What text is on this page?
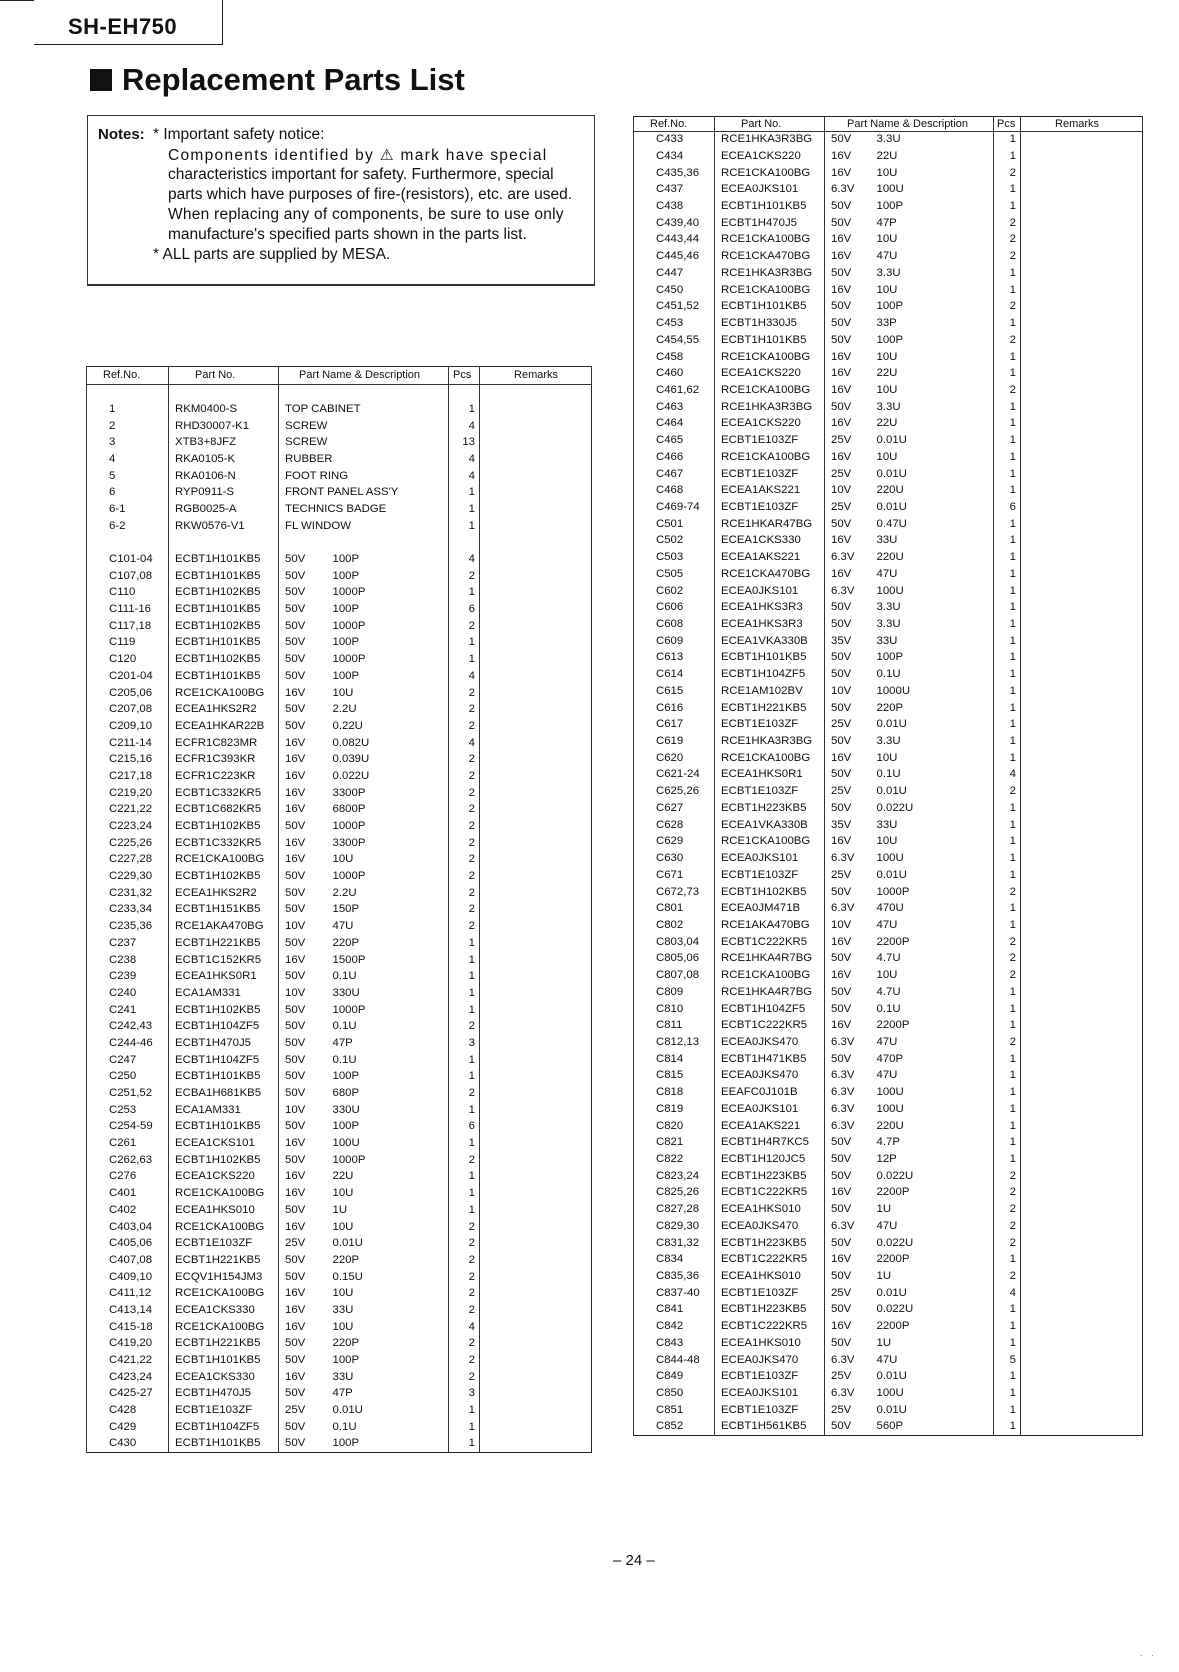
SH-EH750
Replacement Parts List
Notes: * Important safety notice:
Components identified by ⚠ mark have special
characteristics important for safety. Furthermore, special
parts which have purposes of fire-(resistors), etc. are used.
When replacing any of components, be sure to use only
manufacture's specified parts shown in the parts list.
* ALL parts are supplied by MESA.
Ref.No.	Part No.	Part Name & Description		Pcs	Remarks

1	RKM0400-S	TOP CABINET		1	
2	RHD30007-K1	SCREW		4	
3	XTB3+8JFZ	SCREW		13	
4	RKA0105-K	RUBBER		4	
5	RKA0106-N	FOOT RING		4	
6	RYP0911-S	FRONT PANEL ASS'Y		1	
6-1	RGB0025-A	TECHNICS BADGE		1	
6-2	RKW0576-V1	FL WINDOW		1	

C101-04	ECBT1H101KB5	50V	100P	4	
C107,08	ECBT1H101KB5	50V	100P	2	
C110	ECBT1H102KB5	50V	1000P	1	
C111-16	ECBT1H101KB5	50V	100P	6	
C117,18	ECBT1H102KB5	50V	1000P	2	
C119	ECBT1H101KB5	50V	100P	1	
C120	ECBT1H102KB5	50V	1000P	1	
C201-04	ECBT1H101KB5	50V	100P	4	
C205,06	RCE1CKA100BG	16V	10U	2	
C207,08	ECEA1HKS2R2	50V	2.2U	2	
C209,10	ECEA1HKAR22B	50V	0.22U	2	
C211-14	ECFR1C823MR	16V	0.082U	4	
C215,16	ECFR1C393KR	16V	0.039U	2	
C217,18	ECFR1C223KR	16V	0.022U	2	
C219,20	ECBT1C332KR5	16V	3300P	2	
C221,22	ECBT1C682KR5	16V	6800P	2	
C223,24	ECBT1H102KB5	50V	1000P	2	
C225,26	ECBT1C332KR5	16V	3300P	2	
C227,28	RCE1CKA100BG	16V	10U	2	
C229,30	ECBT1H102KB5	50V	1000P	2	
C231,32	ECEA1HKS2R2	50V	2.2U	2	
C233,34	ECBT1H151KB5	50V	150P	2	
C235,36	RCE1AKA470BG	10V	47U	2	
C237	ECBT1H221KB5	50V	220P	1	
C238	ECBT1C152KR5	16V	1500P	1	
C239	ECEA1HKS0R1	50V	0.1U	1	
C240	ECA1AM331	10V	330U	1	
C241	ECBT1H102KB5	50V	1000P	1	
C242,43	ECBT1H104ZF5	50V	0.1U	2	
C244-46	ECBT1H470J5	50V	47P	3	
C247	ECBT1H104ZF5	50V	0.1U	1	
C250	ECBT1H101KB5	50V	100P	1	
C251,52	ECBA1H681KB5	50V	680P	2	
C253	ECA1AM331	10V	330U	1	
C254-59	ECBT1H101KB5	50V	100P	6	
C261	ECEA1CKS101	16V	100U	1	
C262,63	ECBT1H102KB5	50V	1000P	2	
C276	ECEA1CKS220	16V	22U	1	
C401	RCE1CKA100BG	16V	10U	1	
C402	ECEA1HKS010	50V	1U	1	
C403,04	RCE1CKA100BG	16V	10U	2	
C405,06	ECBT1E103ZF	25V	0.01U	2	
C407,08	ECBT1H221KB5	50V	220P	2	
C409,10	ECQV1H154JM3	50V	0.15U	2	
C411,12	RCE1CKA100BG	16V	10U	2	
C413,14	ECEA1CKS330	16V	33U	2	
C415-18	RCE1CKA100BG	16V	10U	4	
C419,20	ECBT1H221KB5	50V	220P	2	
C421,22	ECBT1H101KB5	50V	100P	2	
C423,24	ECEA1CKS330	16V	33U	2	
C425-27	ECBT1H470J5	50V	47P	3	
C428	ECBT1E103ZF	25V	0.01U	1	
C429	ECBT1H104ZF5	50V	0.1U	1	
C430	ECBT1H101KB5	50V	100P	1	
Ref.No.	Part No.	Part Name & Description		Pcs	Remarks
C433	RCE1HKA3R3BG	50V	3.3U	1	
C434	ECEA1CKS220	16V	22U	1	
C435,36	RCE1CKA100BG	16V	10U	2	
C437	ECEA0JKS101	6.3V	100U	1	
C438	ECBT1H101KB5	50V	100P	1	
C439,40	ECBT1H470J5	50V	47P	2	
C443,44	RCE1CKA100BG	16V	10U	2	
C445,46	RCE1CKA470BG	16V	47U	2	
C447	RCE1HKA3R3BG	50V	3.3U	1	
C450	RCE1CKA100BG	16V	10U	1	
C451,52	ECBT1H101KB5	50V	100P	2	
C453	ECBT1H330J5	50V	33P	1	
C454,55	ECBT1H101KB5	50V	100P	2	
C458	RCE1CKA100BG	16V	10U	1	
C460	ECEA1CKS220	16V	22U	1	
C461,62	RCE1CKA100BG	16V	10U	2	
C463	RCE1HKA3R3BG	50V	3.3U	1	
C464	ECEA1CKS220	16V	22U	1	
C465	ECBT1E103ZF	25V	0.01U	1	
C466	RCE1CKA100BG	16V	10U	1	
C467	ECBT1E103ZF	25V	0.01U	1	
C468	ECEA1AKS221	10V	220U	1	
C469-74	ECBT1E103ZF	25V	0.01U	6	
C501	RCE1HKAR47BG	50V	0.47U	1	
C502	ECEA1CKS330	16V	33U	1	
C503	ECEA1AKS221	6.3V	220U	1	
C505	RCE1CKA470BG	16V	47U	1	
C602	ECEA0JKS101	6.3V	100U	1	
C606	ECEA1HKS3R3	50V	3.3U	1	
C608	ECEA1HKS3R3	50V	3.3U	1	
C609	ECEA1VKA330B	35V	33U	1	
C613	ECBT1H101KB5	50V	100P	1	
C614	ECBT1H104ZF5	50V	0.1U	1	
C615	RCE1AM102BV	10V	1000U	1	
C616	ECBT1H221KB5	50V	220P	1	
C617	ECBT1E103ZF	25V	0.01U	1	
C619	RCE1HKA3R3BG	50V	3.3U	1	
C620	RCE1CKA100BG	16V	10U	1	
C621-24	ECEA1HKS0R1	50V	0.1U	4	
C625,26	ECBT1E103ZF	25V	0.01U	2	
C627	ECBT1H223KB5	50V	0.022U	1	
C628	ECEA1VKA330B	35V	33U	1	
C629	RCE1CKA100BG	16V	10U	1	
C630	ECEA0JKS101	6.3V	100U	1	
C671	ECBT1E103ZF	25V	0.01U	1	
C672,73	ECBT1H102KB5	50V	1000P	2	
C801	ECEA0JM471B	6.3V	470U	1	
C802	RCE1AKA470BG	10V	47U	1	
C803,04	ECBT1C222KR5	16V	2200P	2	
C805,06	RCE1HKA4R7BG	50V	4.7U	2	
C807,08	RCE1CKA100BG	16V	10U	2	
C809	RCE1HKA4R7BG	50V	4.7U	1	
C810	ECBT1H104ZF5	50V	0.1U	1	
C811	ECBT1C222KR5	16V	2200P	1	
C812,13	ECEA0JKS470	6.3V	47U	2	
C814	ECBT1H471KB5	50V	470P	1	
C815	ECEA0JKS470	6.3V	47U	1	
C818	EEAFC0J101B	6.3V	100U	1	
C819	ECEA0JKS101	6.3V	100U	1	
C820	ECEA1AKS221	6.3V	220U	1	
C821	ECBT1H4R7KC5	50V	4.7P	1	
C822	ECBT1H120JC5	50V	12P	1	
C823,24	ECBT1H223KB5	50V	0.022U	2	
C825,26	ECBT1C222KR5	16V	2200P	2	
C827,28	ECEA1HKS010	50V	1U	2	
C829,30	ECEA0JKS470	6.3V	47U	2	
C831,32	ECBT1H223KB5	50V	0.022U	2	
C834	ECBT1C222KR5	16V	2200P	1	
C835,36	ECEA1HKS010	50V	1U	2	
C837-40	ECBT1E103ZF	25V	0.01U	4	
C841	ECBT1H223KB5	50V	0.022U	1	
C842	ECBT1C222KR5	16V	2200P	1	
C843	ECEA1HKS010	50V	1U	1	
C844-48	ECEA0JKS470	6.3V	47U	5	
C849	ECBT1E103ZF	25V	0.01U	1	
C850	ECEA0JKS101	6.3V	100U	1	
C851	ECBT1E103ZF	25V	0.01U	1	
C852	ECBT1H561KB5	50V	560P	1	
– 24 –
. .
